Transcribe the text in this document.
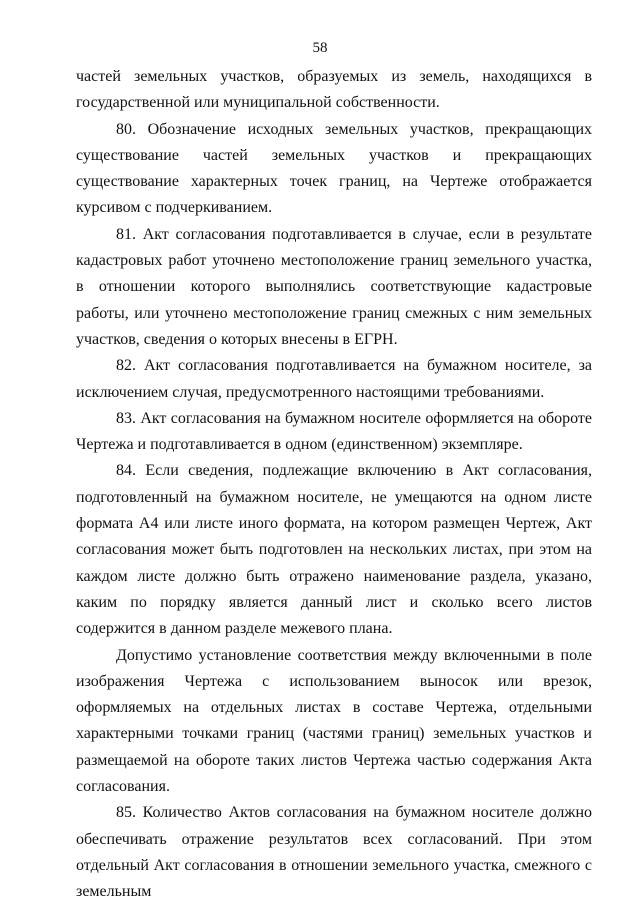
58

частей земельных участков, образуемых из земель, находящихся в государственной или муниципальной собственности.

80. Обозначение исходных земельных участков, прекращающих существование частей земельных участков и прекращающих существование характерных точек границ, на Чертеже отображается курсивом с подчеркиванием.

81. Акт согласования подготавливается в случае, если в результате кадастровых работ уточнено местоположение границ земельного участка, в отношении которого выполнялись соответствующие кадастровые работы, или уточнено местоположение границ смежных с ним земельных участков, сведения о которых внесены в ЕГРН.

82. Акт согласования подготавливается на бумажном носителе, за исключением случая, предусмотренного настоящими требованиями.

83. Акт согласования на бумажном носителе оформляется на обороте Чертежа и подготавливается в одном (единственном) экземпляре.

84. Если сведения, подлежащие включению в Акт согласования, подготовленный на бумажном носителе, не умещаются на одном листе формата А4 или листе иного формата, на котором размещен Чертеж, Акт согласования может быть подготовлен на нескольких листах, при этом на каждом листе должно быть отражено наименование раздела, указано, каким по порядку является данный лист и сколько всего листов содержится в данном разделе межевого плана.

Допустимо установление соответствия между включенными в поле изображения Чертежа с использованием выносок или врезок, оформляемых на отдельных листах в составе Чертежа, отдельными характерными точками границ (частями границ) земельных участков и размещаемой на обороте таких листов Чертежа частью содержания Акта согласования.

85. Количество Актов согласования на бумажном носителе должно обеспечивать отражение результатов всех согласований. При этом отдельный Акт согласования в отношении земельного участка, смежного с земельным
